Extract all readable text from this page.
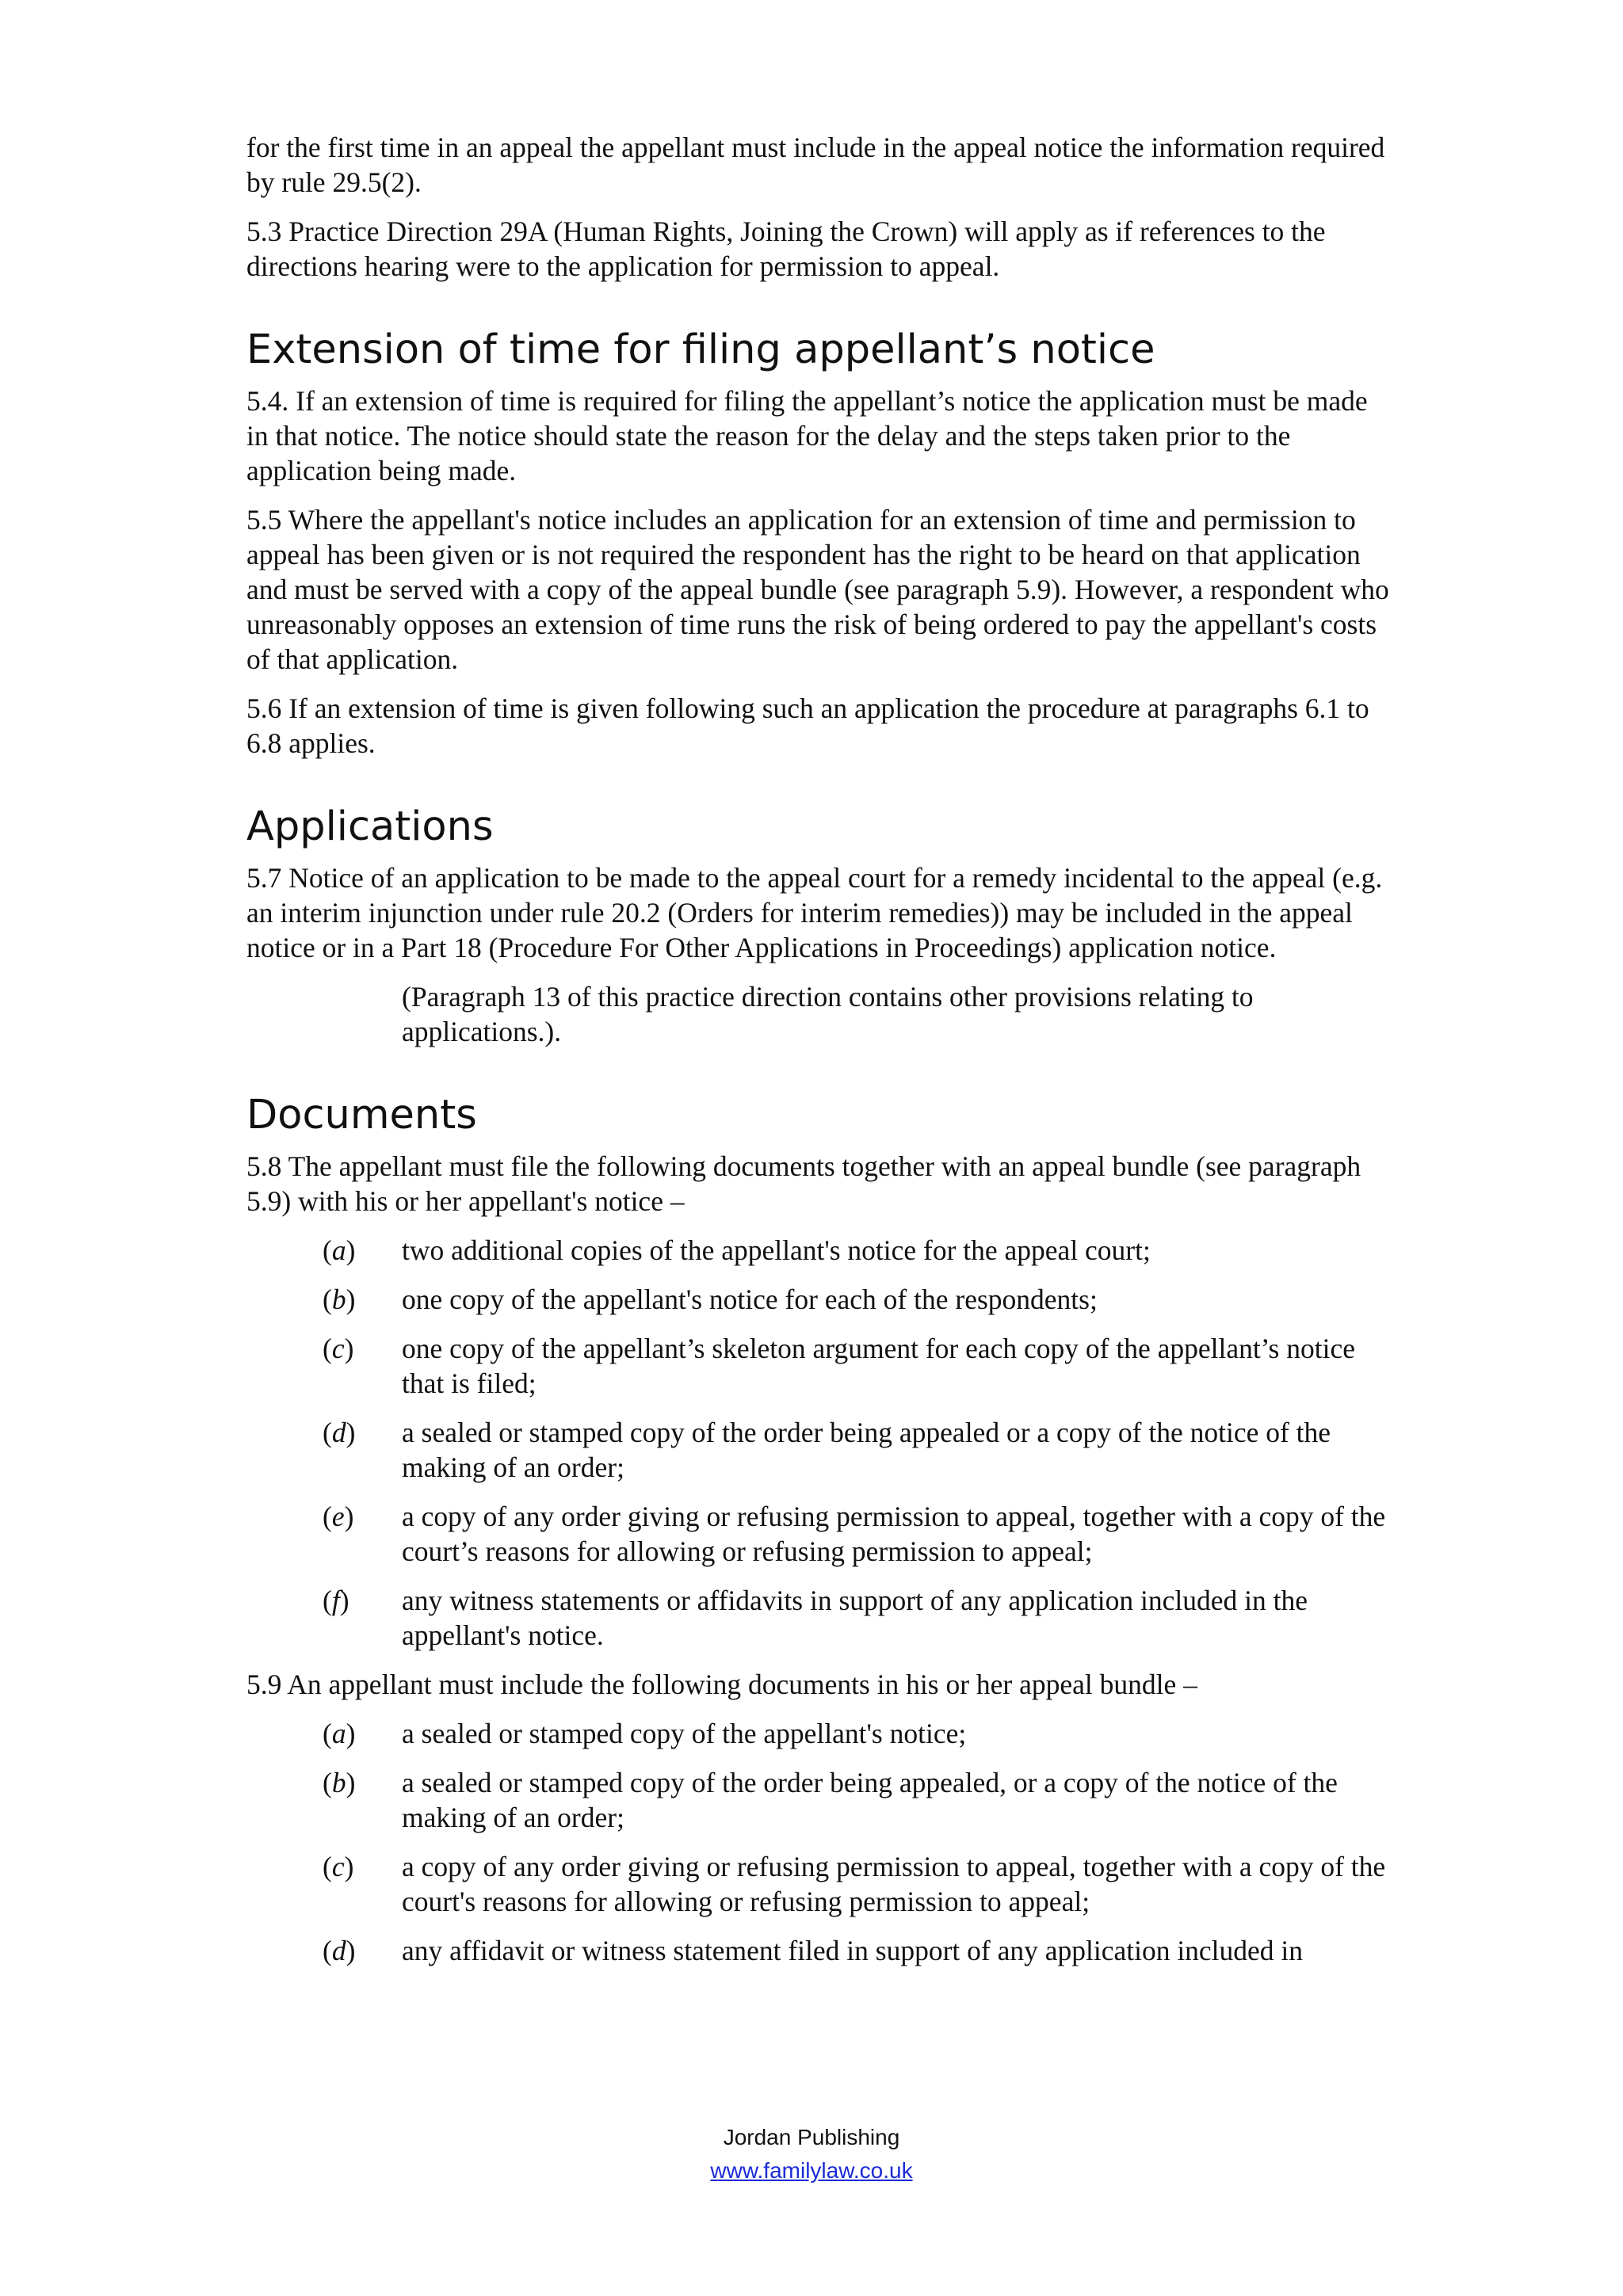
for the first time in an appeal the appellant must include in the appeal notice the information required by rule 29.5(2).

5.3 Practice Direction 29A (Human Rights, Joining the Crown) will apply as if references to the directions hearing were to the application for permission to appeal.

Extension of time for filing appellant’s notice

5.4. If an extension of time is required for filing the appellant’s notice the application must be made in that notice. The notice should state the reason for the delay and the steps taken prior to the application being made.

5.5 Where the appellant's notice includes an application for an extension of time and permission to appeal has been given or is not required the respondent has the right to be heard on that application and must be served with a copy of the appeal bundle (see paragraph 5.9). However, a respondent who unreasonably opposes an extension of time runs the risk of being ordered to pay the appellant's costs of that application.

5.6 If an extension of time is given following such an application the procedure at paragraphs 6.1 to 6.8 applies.

Applications

5.7 Notice of an application to be made to the appeal court for a remedy incidental to the appeal (e.g. an interim injunction under rule 20.2 (Orders for interim remedies)) may be included in the appeal notice or in a Part 18 (Procedure For Other Applications in Proceedings) application notice.

(Paragraph 13 of this practice direction contains other provisions relating to applications.).

Documents

5.8 The appellant must file the following documents together with an appeal bundle (see paragraph 5.9) with his or her appellant's notice –

(a)	two additional copies of the appellant's notice for the appeal court;
(b)	one copy of the appellant's notice for each of the respondents;
(c)	one copy of the appellant’s skeleton argument for each copy of the appellant’s notice that is filed;
(d)	a sealed or stamped copy of the order being appealed or a copy of the notice of the making of an order;
(e)	a copy of any order giving or refusing permission to appeal, together with a copy of the court’s reasons for allowing or refusing permission to appeal;
(f)	any witness statements or affidavits in support of any application included in the appellant's notice.

5.9 An appellant must include the following documents in his or her appeal bundle –

(a)	a sealed or stamped copy of the appellant's notice;
(b)	a sealed or stamped copy of the order being appealed, or a copy of the notice of the making of an order;
(c)	a copy of any order giving or refusing permission to appeal, together with a copy of the court's reasons for allowing or refusing permission to appeal;
(d)	any affidavit or witness statement filed in support of any application included in
Jordan Publishing
www.familylaw.co.uk
